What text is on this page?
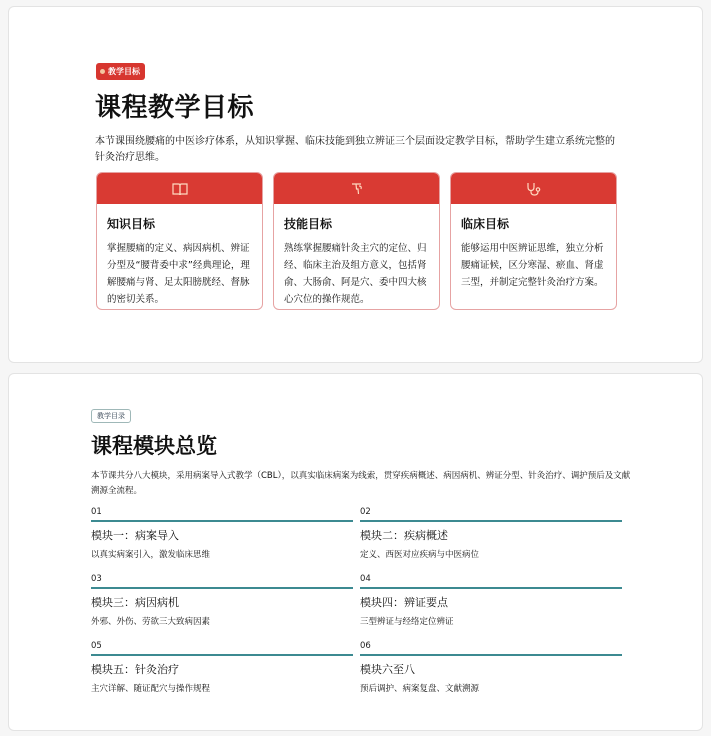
教学目标
课程教学目标
本节课围绕腰痛的中医诊疗体系，从知识掌握、临床技能到独立辨证三个层面设定教学目标，帮助学生建立系统完整的针灸治疗思维。
知识目标
掌握腰痛的定义、病因病机、辨证分型及“腰背委中求”经典理论，理解腰痛与肾、足太阳膀胱经、督脉的密切关系。
技能目标
熟练掌握腰痛针灸主穴的定位、归经、临床主治及组方意义，包括肾俞、大肠俞、阿是穴、委中四大核心穴位的操作规范。
临床目标
能够运用中医辨证思维，独立分析腰痛证候，区分寒湿、瘀血、肾虚三型，并制定完整针灸治疗方案。
教学目录
课程模块总览
本节课共分八大模块，采用病案导入式教学（CBL），以真实临床病案为线索，贯穿疾病概述、病因病机、辨证分型、针灸治疗、调护预后及文献溯源全流程。
01
模块一：病案导入
以真实病案引入，激发临床思维
02
模块二：疾病概述
定义、西医对应疾病与中医病位
03
模块三：病因病机
外邪、外伤、劳欲三大致病因素
04
模块四：辨证要点
三型辨证与经络定位辨证
05
模块五：针灸治疗
主穴详解、随证配穴与操作规程
06
模块六至八
预后调护、病案复盘、文献溯源
